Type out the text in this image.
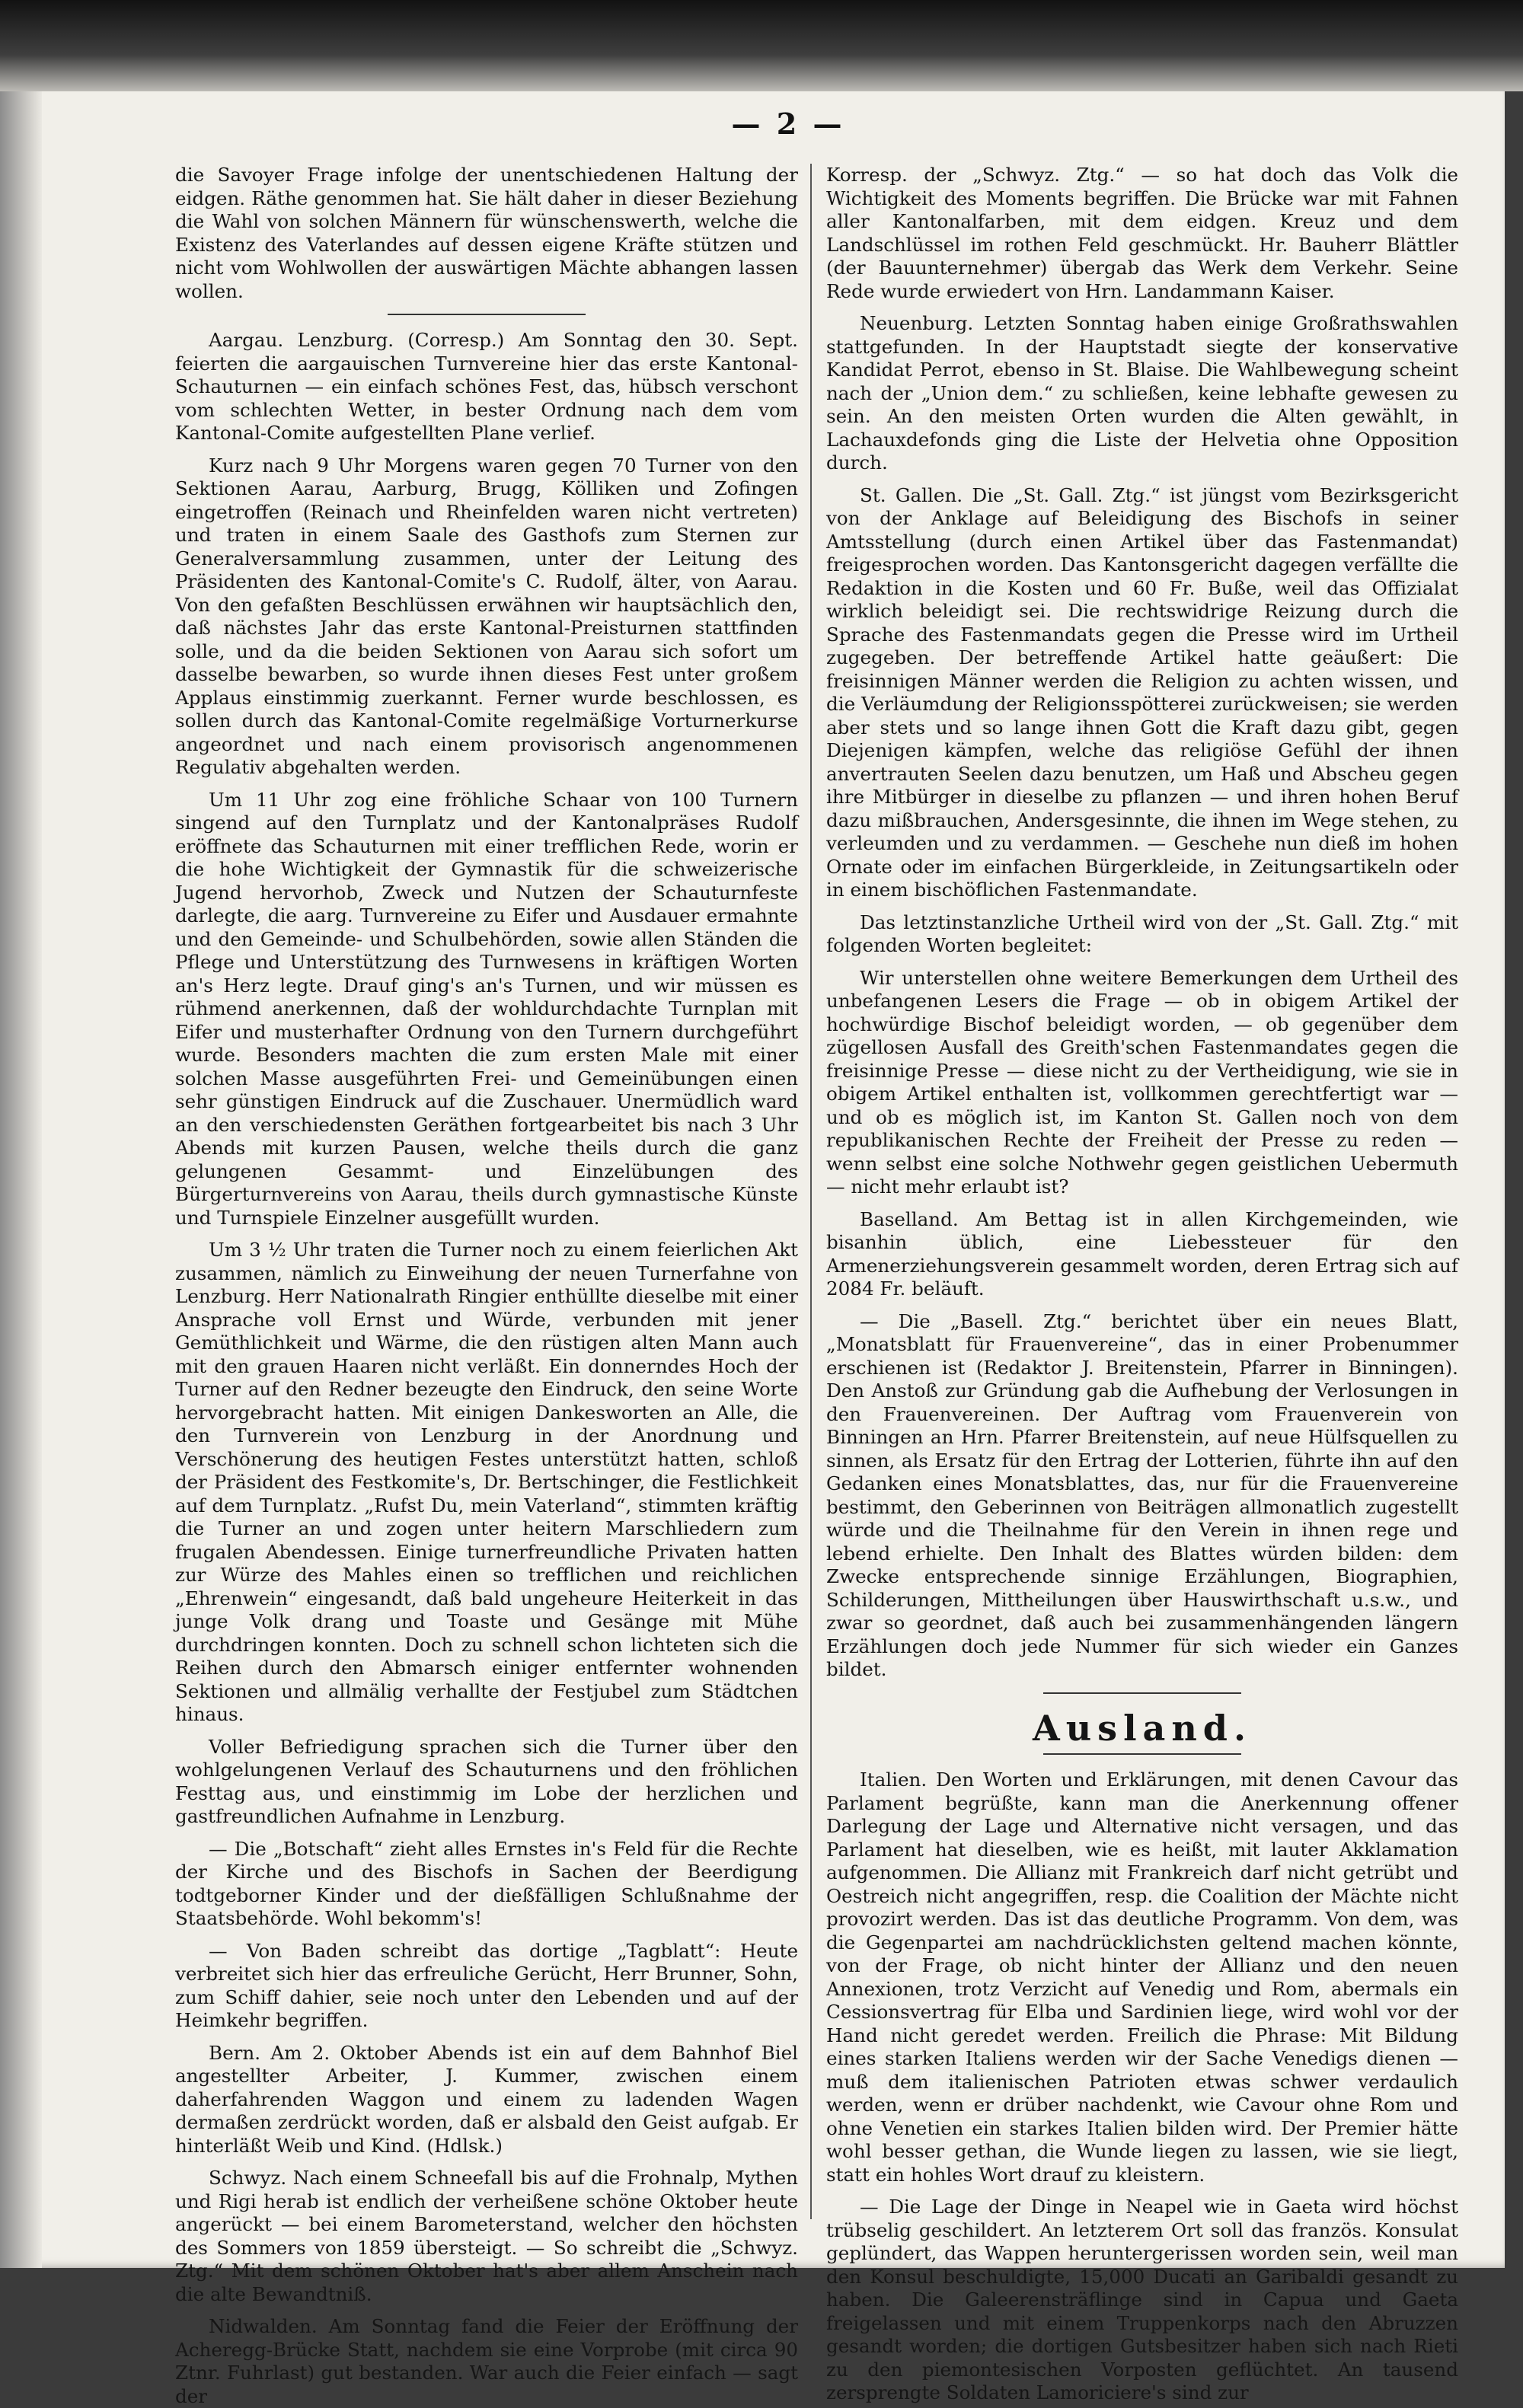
— 2 —

die Savoyer Frage infolge der unentschiedenen Haltung der eidgen. Räthe genommen hat. Sie hält daher in dieser Beziehung die Wahl von solchen Männern für wünschenswerth, welche die Existenz des Vaterlandes auf dessen eigene Kräfte stützen und nicht vom Wohlwollen der auswärtigen Mächte abhangen lassen wollen.

Aargau. Lenzburg. (Corresp.) Am Sonntag den 30. Sept. feierten die aargauischen Turnvereine hier das erste Kantonal-Schauturnen — ein einfach schönes Fest, das, hübsch verschont vom schlechten Wetter, in bester Ordnung nach dem vom Kantonal-Comite aufgestellten Plane verlief.

Kurz nach 9 Uhr Morgens waren gegen 70 Turner von den Sektionen Aarau, Aarburg, Brugg, Kölliken und Zofingen eingetroffen (Reinach und Rheinfelden waren nicht vertreten) und traten in einem Saale des Gasthofs zum Sternen zur Generalversammlung zusammen, unter der Leitung des Präsidenten des Kantonal-Comite's C. Rudolf, älter, von Aarau. Von den gefaßten Beschlüssen erwähnen wir hauptsächlich den, daß nächstes Jahr das erste Kantonal-Preisturnen stattfinden solle, und da die beiden Sektionen von Aarau sich sofort um dasselbe bewarben, so wurde ihnen dieses Fest unter großem Applaus einstimmig zuerkannt. Ferner wurde beschlossen, es sollen durch das Kantonal-Comite regelmäßige Vorturnerkurse angeordnet und nach einem provisorisch angenommenen Regulativ abgehalten werden.

Um 11 Uhr zog eine fröhliche Schaar von 100 Turnern singend auf den Turnplatz und der Kantonalpräses Rudolf eröffnete das Schauturnen mit einer trefflichen Rede, worin er die hohe Wichtigkeit der Gymnastik für die schweizerische Jugend hervorhob, Zweck und Nutzen der Schauturnfeste darlegte, die aarg. Turnvereine zu Eifer und Ausdauer ermahnte und den Gemeinde- und Schulbehörden, sowie allen Ständen die Pflege und Unterstützung des Turnwesens in kräftigen Worten an's Herz legte. Drauf ging's an's Turnen, und wir müssen es rühmend anerkennen, daß der wohldurchdachte Turnplan mit Eifer und musterhafter Ordnung von den Turnern durchgeführt wurde. Besonders machten die zum ersten Male mit einer solchen Masse ausgeführten Frei- und Gemeinübungen einen sehr günstigen Eindruck auf die Zuschauer. Unermüdlich ward an den verschiedensten Geräthen fortgearbeitet bis nach 3 Uhr Abends mit kurzen Pausen, welche theils durch die ganz gelungenen Gesammt- und Einzelübungen des Bürgerturnvereins von Aarau, theils durch gymnastische Künste und Turnspiele Einzelner ausgefüllt wurden.

Um 3 ½ Uhr traten die Turner noch zu einem feierlichen Akt zusammen, nämlich zu Einweihung der neuen Turnerfahne von Lenzburg. Herr Nationalrath Ringier enthüllte dieselbe mit einer Ansprache voll Ernst und Würde, verbunden mit jener Gemüthlichkeit und Wärme, die den rüstigen alten Mann auch mit den grauen Haaren nicht verläßt. Ein donnerndes Hoch der Turner auf den Redner bezeugte den Eindruck, den seine Worte hervorgebracht hatten. Mit einigen Dankesworten an Alle, die den Turnverein von Lenzburg in der Anordnung und Verschönerung des heutigen Festes unterstützt hatten, schloß der Präsident des Festkomite's, Dr. Bertschinger, die Festlichkeit auf dem Turnplatz. „Rufst Du, mein Vaterland“, stimmten kräftig die Turner an und zogen unter heitern Marschliedern zum frugalen Abendessen. Einige turnerfreundliche Privaten hatten zur Würze des Mahles einen so trefflichen und reichlichen „Ehrenwein“ eingesandt, daß bald ungeheure Heiterkeit in das junge Volk drang und Toaste und Gesänge mit Mühe durchdringen konnten. Doch zu schnell schon lichteten sich die Reihen durch den Abmarsch einiger entfernter wohnenden Sektionen und allmälig verhallte der Festjubel zum Städtchen hinaus.

Voller Befriedigung sprachen sich die Turner über den wohlgelungenen Verlauf des Schauturnens und den fröhlichen Festtag aus, und einstimmig im Lobe der herzlichen und gastfreundlichen Aufnahme in Lenzburg.

— Die „Botschaft“ zieht alles Ernstes in's Feld für die Rechte der Kirche und des Bischofs in Sachen der Beerdigung todtgeborner Kinder und der dießfälligen Schlußnahme der Staatsbehörde. Wohl bekomm's!

— Von Baden schreibt das dortige „Tagblatt“: Heute verbreitet sich hier das erfreuliche Gerücht, Herr Brunner, Sohn, zum Schiff dahier, seie noch unter den Lebenden und auf der Heimkehr begriffen.

Bern. Am 2. Oktober Abends ist ein auf dem Bahnhof Biel angestellter Arbeiter, J. Kummer, zwischen einem daherfahrenden Waggon und einem zu ladenden Wagen dermaßen zerdrückt worden, daß er alsbald den Geist aufgab. Er hinterläßt Weib und Kind. (Hdlsk.)

Schwyz. Nach einem Schneefall bis auf die Frohnalp, Mythen und Rigi herab ist endlich der verheißene schöne Oktober heute angerückt — bei einem Barometerstand, welcher den höchsten des Sommers von 1859 übersteigt. — So schreibt die „Schwyz. Ztg.“ Mit dem schönen Oktober hat's aber allem Anschein nach die alte Bewandtniß.

Nidwalden. Am Sonntag fand die Feier der Eröffnung der Acheregg-Brücke Statt, nachdem sie eine Vorprobe (mit circa 90 Ztnr. Fuhrlast) gut bestanden. War auch die Feier einfach — sagt der

Korresp. der „Schwyz. Ztg.“ — so hat doch das Volk die Wichtigkeit des Moments begriffen. Die Brücke war mit Fahnen aller Kantonalfarben, mit dem eidgen. Kreuz und dem Landschlüssel im rothen Feld geschmückt. Hr. Bauherr Blättler (der Bauunternehmer) übergab das Werk dem Verkehr. Seine Rede wurde erwiedert von Hrn. Landammann Kaiser.

Neuenburg. Letzten Sonntag haben einige Großrathswahlen stattgefunden. In der Hauptstadt siegte der konservative Kandidat Perrot, ebenso in St. Blaise. Die Wahlbewegung scheint nach der „Union dem.“ zu schließen, keine lebhafte gewesen zu sein. An den meisten Orten wurden die Alten gewählt, in Lachauxdefonds ging die Liste der Helvetia ohne Opposition durch.

St. Gallen. Die „St. Gall. Ztg.“ ist jüngst vom Bezirksgericht von der Anklage auf Beleidigung des Bischofs in seiner Amtsstellung (durch einen Artikel über das Fastenmandat) freigesprochen worden. Das Kantonsgericht dagegen verfällte die Redaktion in die Kosten und 60 Fr. Buße, weil das Offizialat wirklich beleidigt sei. Die rechtswidrige Reizung durch die Sprache des Fastenmandats gegen die Presse wird im Urtheil zugegeben. Der betreffende Artikel hatte geäußert: Die freisinnigen Männer werden die Religion zu achten wissen, und die Verläumdung der Religionsspötterei zurückweisen; sie werden aber stets und so lange ihnen Gott die Kraft dazu gibt, gegen Diejenigen kämpfen, welche das religiöse Gefühl der ihnen anvertrauten Seelen dazu benutzen, um Haß und Abscheu gegen ihre Mitbürger in dieselbe zu pflanzen — und ihren hohen Beruf dazu mißbrauchen, Andersgesinnte, die ihnen im Wege stehen, zu verleumden und zu verdammen. — Geschehe nun dieß im hohen Ornate oder im einfachen Bürgerkleide, in Zeitungsartikeln oder in einem bischöflichen Fastenmandate.

Das letztinstanzliche Urtheil wird von der „St. Gall. Ztg.“ mit folgenden Worten begleitet:

Wir unterstellen ohne weitere Bemerkungen dem Urtheil des unbefangenen Lesers die Frage — ob in obigem Artikel der hochwürdige Bischof beleidigt worden, — ob gegenüber dem zügellosen Ausfall des Greith'schen Fastenmandates gegen die freisinnige Presse — diese nicht zu der Vertheidigung, wie sie in obigem Artikel enthalten ist, vollkommen gerechtfertigt war — und ob es möglich ist, im Kanton St. Gallen noch von dem republikanischen Rechte der Freiheit der Presse zu reden — wenn selbst eine solche Nothwehr gegen geistlichen Uebermuth — nicht mehr erlaubt ist?

Baselland. Am Bettag ist in allen Kirchgemeinden, wie bisanhin üblich, eine Liebessteuer für den Armenerziehungsverein gesammelt worden, deren Ertrag sich auf 2084 Fr. beläuft.

— Die „Basell. Ztg.“ berichtet über ein neues Blatt, „Monatsblatt für Frauenvereine“, das in einer Probenummer erschienen ist (Redaktor J. Breitenstein, Pfarrer in Binningen). Den Anstoß zur Gründung gab die Aufhebung der Verlosungen in den Frauenvereinen. Der Auftrag vom Frauenverein von Binningen an Hrn. Pfarrer Breitenstein, auf neue Hülfsquellen zu sinnen, als Ersatz für den Ertrag der Lotterien, führte ihn auf den Gedanken eines Monatsblattes, das, nur für die Frauenvereine bestimmt, den Geberinnen von Beiträgen allmonatlich zugestellt würde und die Theilnahme für den Verein in ihnen rege und lebend erhielte. Den Inhalt des Blattes würden bilden: dem Zwecke entsprechende sinnige Erzählungen, Biographien, Schilderungen, Mittheilungen über Hauswirthschaft u.s.w., und zwar so geordnet, daß auch bei zusammenhängenden längern Erzählungen doch jede Nummer für sich wieder ein Ganzes bildet.

Ausland.

Italien. Den Worten und Erklärungen, mit denen Cavour das Parlament begrüßte, kann man die Anerkennung offener Darlegung der Lage und Alternative nicht versagen, und das Parlament hat dieselben, wie es heißt, mit lauter Akklamation aufgenommen. Die Allianz mit Frankreich darf nicht getrübt und Oestreich nicht angegriffen, resp. die Coalition der Mächte nicht provozirt werden. Das ist das deutliche Programm. Von dem, was die Gegenpartei am nachdrücklichsten geltend machen könnte, von der Frage, ob nicht hinter der Allianz und den neuen Annexionen, trotz Verzicht auf Venedig und Rom, abermals ein Cessionsvertrag für Elba und Sardinien liege, wird wohl vor der Hand nicht geredet werden. Freilich die Phrase: Mit Bildung eines starken Italiens werden wir der Sache Venedigs dienen — muß dem italienischen Patrioten etwas schwer verdaulich werden, wenn er drüber nachdenkt, wie Cavour ohne Rom und ohne Venetien ein starkes Italien bilden wird. Der Premier hätte wohl besser gethan, die Wunde liegen zu lassen, wie sie liegt, statt ein hohles Wort drauf zu kleistern.

— Die Lage der Dinge in Neapel wie in Gaeta wird höchst trübselig geschildert. An letzterem Ort soll das französ. Konsulat geplündert, das Wappen heruntergerissen worden sein, weil man den Konsul beschuldigte, 15,000 Ducati an Garibaldi gesandt zu haben. Die Galeerensträflinge sind in Capua und Gaeta freigelassen und mit einem Truppenkorps nach den Abruzzen gesandt worden; die dortigen Gutsbesitzer haben sich nach Rieti zu den piemontesischen Vorposten geflüchtet. An tausend zersprengte Soldaten Lamoriciere's sind zur
